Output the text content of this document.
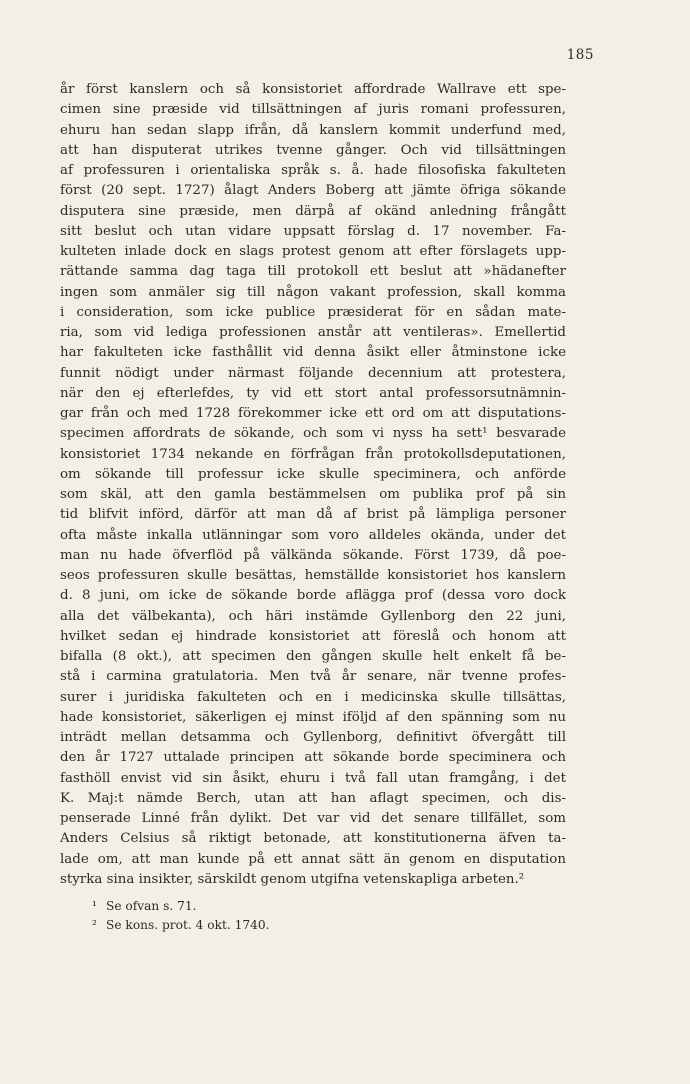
185
år först kanslern och så konsistoriet affordrade Wallrave ett spe-
cimen sine præside vid tillsättningen af juris romani professuren,
ehuru han sedan slapp ifrån, då kanslern kommit underfund med,
att han disputerat utrikes tvenne gånger. Och vid tillsättningen
af professuren i orientaliska språk s. å. hade filosofiska fakulteten
först (20 sept. 1727) ålagt Anders Boberg att jämte öfriga sökande
disputera sine præside, men därpå af okänd anledning frångått
sitt beslut och utan vidare uppsatt förslag d. 17 november. Fa-
kulteten inlade dock en slags protest genom att efter förslagets upp-
rättande samma dag taga till protokoll ett beslut att »hädanefter
ingen som anmäler sig till någon vakant profession, skall komma
i consideration, som icke publice præsiderat för en sådan mate-
ria, som vid lediga professionen anstår att ventileras». Emellertid
har fakulteten icke fasthållit vid denna åsikt eller åtminstone icke
funnit nödigt under närmast följande decennium att protestera,
när den ej efterlefdes, ty vid ett stort antal professorsutnämnin-
gar från och med 1728 förekommer icke ett ord om att disputations-
specimen affordrats de sökande, och som vi nyss ha sett¹ besvarade
konsistoriet 1734 nekande en förfrågan från protokollsdeputationen,
om sökande till professur icke skulle speciminera, och anförde
som skäl, att den gamla bestämmelsen om publika prof på sin
tid blifvit införd, därför att man då af brist på lämpliga personer
ofta måste inkalla utlänningar som voro alldeles okända, under det
man nu hade öfverflöd på välkända sökande. Först 1739, då poe-
seos professuren skulle besättas, hemställde konsistoriet hos kanslern
d. 8 juni, om icke de sökande borde aflägga prof (dessa voro dock
alla det välbekanta), och häri instämde Gyllenborg den 22 juni,
hvilket sedan ej hindrade konsistoriet att föreslå och honom att
bifalla (8 okt.), att specimen den gången skulle helt enkelt få be-
stå i carmina gratulatoria. Men två år senare, när tvenne profes-
surer i juridiska fakulteten och en i medicinska skulle tillsättas,
hade konsistoriet, säkerligen ej minst iföljd af den spänning som nu
inträdt mellan detsamma och Gyllenborg, definitivt öfvergått till
den år 1727 uttalade principen att sökande borde speciminera och
fasthöll envist vid sin åsikt, ehuru i två fall utan framgång, i det
K. Maj:t nämde Berch, utan att han aflagt specimen, och dis-
penserade Linné från dylikt. Det var vid det senare tillfället, som
Anders Celsius så riktigt betonade, att konstitutionerna äfven ta-
lade om, att man kunde på ett annat sätt än genom en disputation
styrka sina insikter, särskildt genom utgifna vetenskapliga arbeten.²
¹ Se ofvan s. 71.
² Se kons. prot. 4 okt. 1740.
